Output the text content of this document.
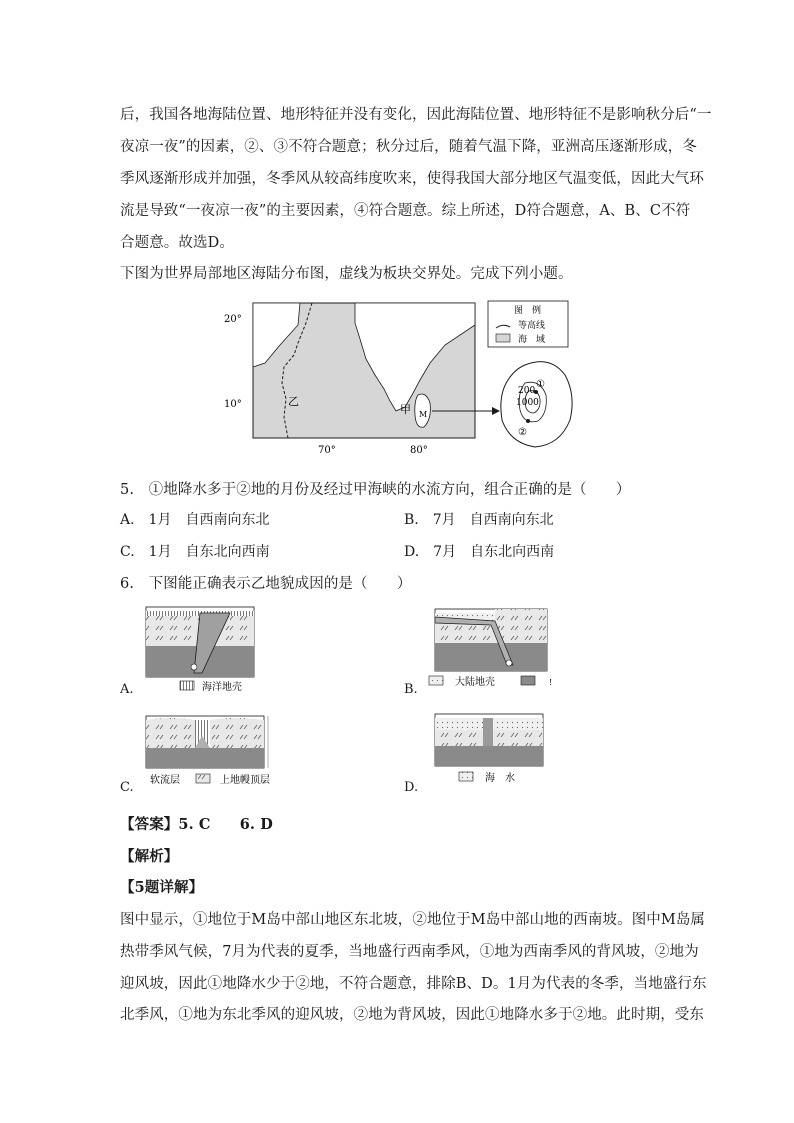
后，我国各地海陆位置、地形特征并没有变化，因此海陆位置、地形特征不是影响秋分后“一
夜凉一夜”的因素，②、③不符合题意；秋分过后，随着气温下降，亚洲高压逐渐形成，冬
季风逐渐形成并加强，冬季风从较高纬度吹来，使得我国大部分地区气温变低，因此大气环
流是导致“一夜凉一夜”的主要因素，④符合题意。综上所述，D符合题意，A、B、C不符
合题意。故选D。
下图为世界局部地区海陆分布图，虚线为板块交界处。完成下列小题。
20°
10°
70°	80°
乙
甲 M
图　例
等高线
海　域
200
1000
①
②
5.　①地降水多于②地的月份及经过甲海峡的水流方向，组合正确的是（　　）
A.　1月　自西南向东北	B.　7月　自西南向东北
C.　1月　自东北向西南	D.　7月　自东北向西南
6.　下图能正确表示乙地貌成因的是（　　）
海洋地壳
A.	大陆地壳	!
B.
软流层	上地幔顶层
C.
海　水
D.
【答案】5. C　　6. D
【解析】
【5题详解】
图中显示，①地位于M岛中部山地区东北坡，②地位于M岛中部山地的西南坡。图中M岛属
热带季风气候，7月为代表的夏季，当地盛行西南季风，①地为西南季风的背风坡，②地为
迎风坡，因此①地降水少于②地，不符合题意，排除B、D。1月为代表的冬季，当地盛行东
北季风，①地为东北季风的迎风坡，②地为背风坡，因此①地降水多于②地。此时期，受东
